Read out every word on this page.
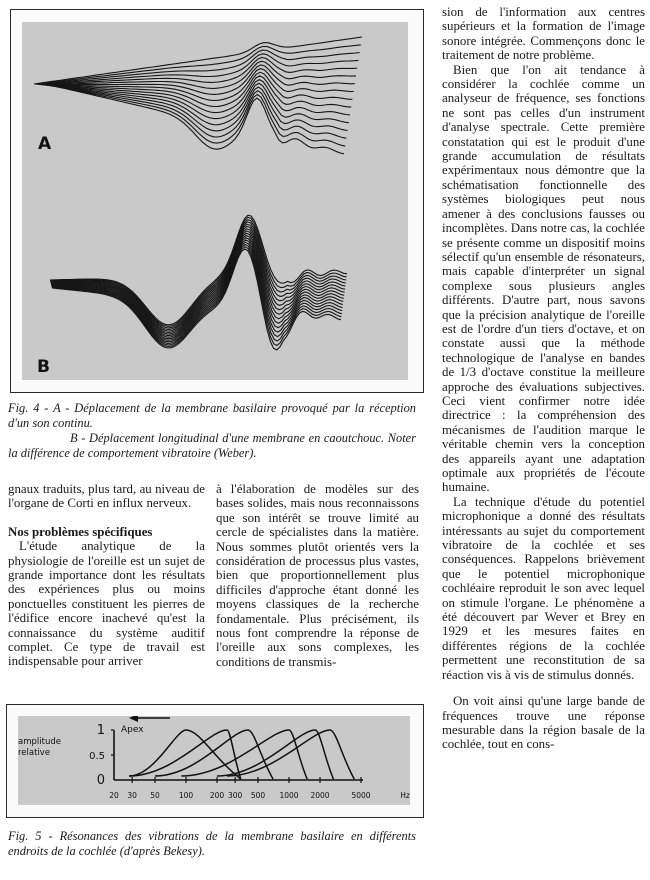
A
B

Fig. 4 - A - Déplacement de la membrane basilaire provoqué par la réception d'un son continu.

B - Déplacement longitudinal d'une membrane en caoutchouc. Noter la différence de comportement vibratoire (Weber).

gnaux traduits, plus tard, au niveau de l'organe de Corti en influx nerveux.

Nos problèmes spécifiques

L'étude analytique de la physiologie de l'oreille est un sujet de grande importance dont les résultats des expériences plus ou moins ponctuelles constituent les pierres de l'édifice encore inachevé qu'est la connaissance du système auditif complet. Ce type de travail est indispensable pour arriver

à l'élaboration de modèles sur des bases solides, mais nous reconnaissons que son intérêt se trouve limité au cercle de spécialistes dans la matière. Nous sommes plutôt orientés vers la considération de processus plus vastes, bien que proportionnellement plus difficiles d'approche étant donné les moyens classiques de la recherche fondamentale. Plus précisément, ils nous font comprendre la réponse de l'oreille aux sons complexes, les conditions de transmis-

sion de l'information aux centres supérieurs et la formation de l'image sonore intégrée. Commençons donc le traitement de notre problème.

Bien que l'on ait tendance à considérer la cochlée comme un analyseur de fréquence, ses fonctions ne sont pas celles d'un instrument d'analyse spectrale. Cette première constatation qui est le produit d'une grande accumulation de résultats expérimentaux nous démontre que la schématisation fonctionnelle des systèmes biologiques peut nous amener à des conclusions fausses ou incomplètes. Dans notre cas, la cochlée se présente comme un dispositif moins sélectif qu'un ensemble de résonateurs, mais capable d'interpréter un signal complexe sous plusieurs angles différents. D'autre part, nous savons que la précision analytique de l'oreille est de l'ordre d'un tiers d'octave, et on constate aussi que la méthode technologique de l'analyse en bandes de 1/3 d'octave constitue la meilleure approche des évaluations subjectives. Ceci vient confirmer notre idée directrice : la compréhension des mécanismes de l'audition marque le véritable chemin vers la conception des appareils ayant une adaptation optimale aux propriétés de l'écoute humaine.

La technique d'étude du potentiel microphonique a donné des résultats intéressants au sujet du comportement vibratoire de la cochlée et ses conséquences. Rappelons brièvement que le potentiel microphonique cochléaire reproduit le son avec lequel on stimule l'organe. Le phénomène a été découvert par Wever et Brey en 1929 et les mesures faites en différentes régions de la cochlée permettent une reconstitution de sa réaction vis à vis de stimulus donnés.

On voit ainsi qu'une large bande de fréquences trouve une réponse mesurable dans la région basale de la cochlée, tout en cons-

amplitude
relative
20 30 50	100 200 300 500 1000 2000	5000	Hz
0
0.5
1 Apex

Fig. 5 - Résonances des vibrations de la membrane basilaire en différents endroits de la cochlée (d'après Bekesy).
